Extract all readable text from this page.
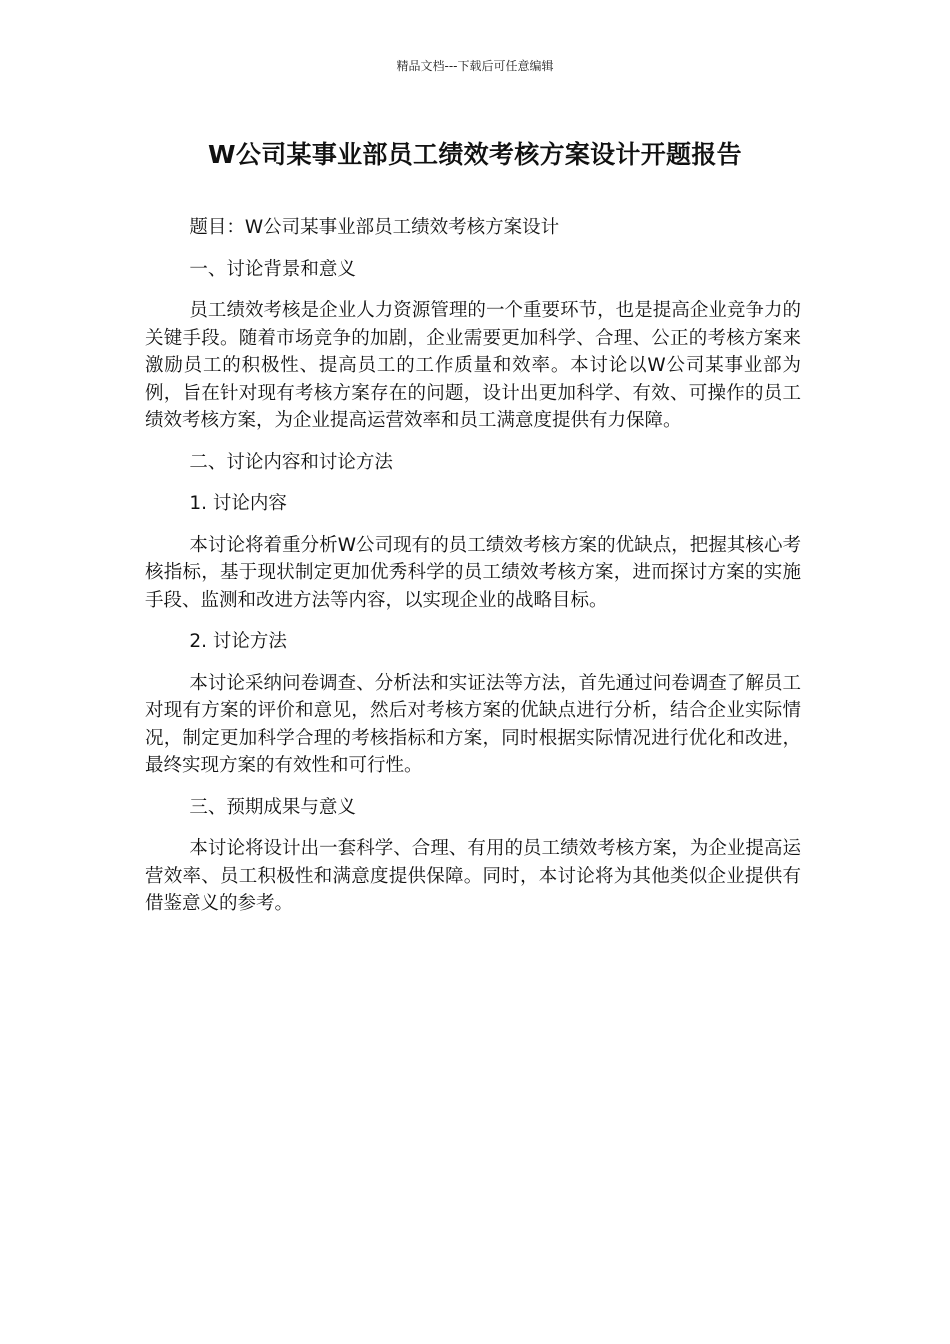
精品文档---下载后可任意编辑
W公司某事业部员工绩效考核方案设计开题报告

题目：W公司某事业部员工绩效考核方案设计

一、讨论背景和意义

员工绩效考核是企业人力资源管理的一个重要环节，也是提高企业竞争力的关键手段。随着市场竞争的加剧，企业需要更加科学、合理、公正的考核方案来激励员工的积极性、提高员工的工作质量和效率。本讨论以W公司某事业部为例，旨在针对现有考核方案存在的问题，设计出更加科学、有效、可操作的员工绩效考核方案，为企业提高运营效率和员工满意度提供有力保障。

二、讨论内容和讨论方法

1. 讨论内容

本讨论将着重分析W公司现有的员工绩效考核方案的优缺点，把握其核心考核指标，基于现状制定更加优秀科学的员工绩效考核方案，进而探讨方案的实施手段、监测和改进方法等内容，以实现企业的战略目标。

2. 讨论方法

本讨论采纳问卷调查、分析法和实证法等方法，首先通过问卷调查了解员工对现有方案的评价和意见，然后对考核方案的优缺点进行分析，结合企业实际情况，制定更加科学合理的考核指标和方案，同时根据实际情况进行优化和改进，最终实现方案的有效性和可行性。

三、预期成果与意义

本讨论将设计出一套科学、合理、有用的员工绩效考核方案，为企业提高运营效率、员工积极性和满意度提供保障。同时，本讨论将为其他类似企业提供有借鉴意义的参考。
